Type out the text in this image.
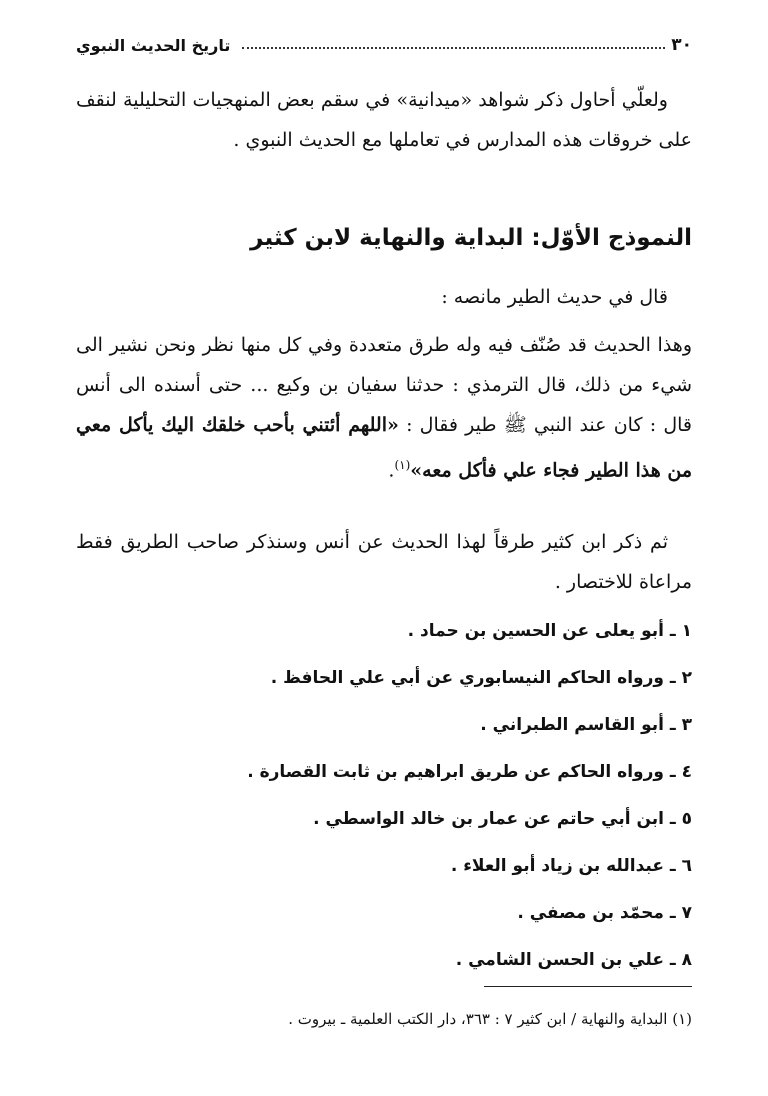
٣٠
تاريخ الحديث النبوي

ولعلّي أحاول ذكر شواهد «ميدانية» في سقم بعض المنهجيات التحليلية لنقف على خروقات هذه المدارس في تعاملها مع الحديث النبوي .

النموذج الأوّل: البداية والنهاية لابن كثير

قال في حديث الطير مانصه :

وهذا الحديث قد صُنّف فيه وله طرق متعددة وفي كل منها نظر ونحن نشير الى شيء من ذلك، قال الترمذي : حدثنا سفيان بن وكيع ... حتى أسنده الى أنس قال : كان عند النبي ﷺ طير فقال : «اللهم أئتني بأحب خلقك اليك يأكل معي من هذا الطير فجاء علي فأكل معه»$^{(١)}$.

ثم ذكر ابن كثير طرقاً لهذا الحديث عن أنس وسنذكر صاحب الطريق فقط مراعاة للاختصار .

١ ـ أبو يعلى عن الحسين بن حماد .
٢ ـ ورواه الحاكم النيسابوري عن أبي علي الحافظ .
٣ ـ أبو القاسم الطبراني .
٤ ـ ورواه الحاكم عن طريق ابراهيم بن ثابت القصارة .
٥ ـ ابن أبي حاتم عن عمار بن خالد الواسطي .
٦ ـ عبدالله بن زياد أبو العلاء .
٧ ـ محمّد بن مصفي .
٨ ـ علي بن الحسن الشامي .

(١) البداية والنهاية / ابن كثير ٧ : ٣٦٣، دار الكتب العلمية ـ بيروت .
